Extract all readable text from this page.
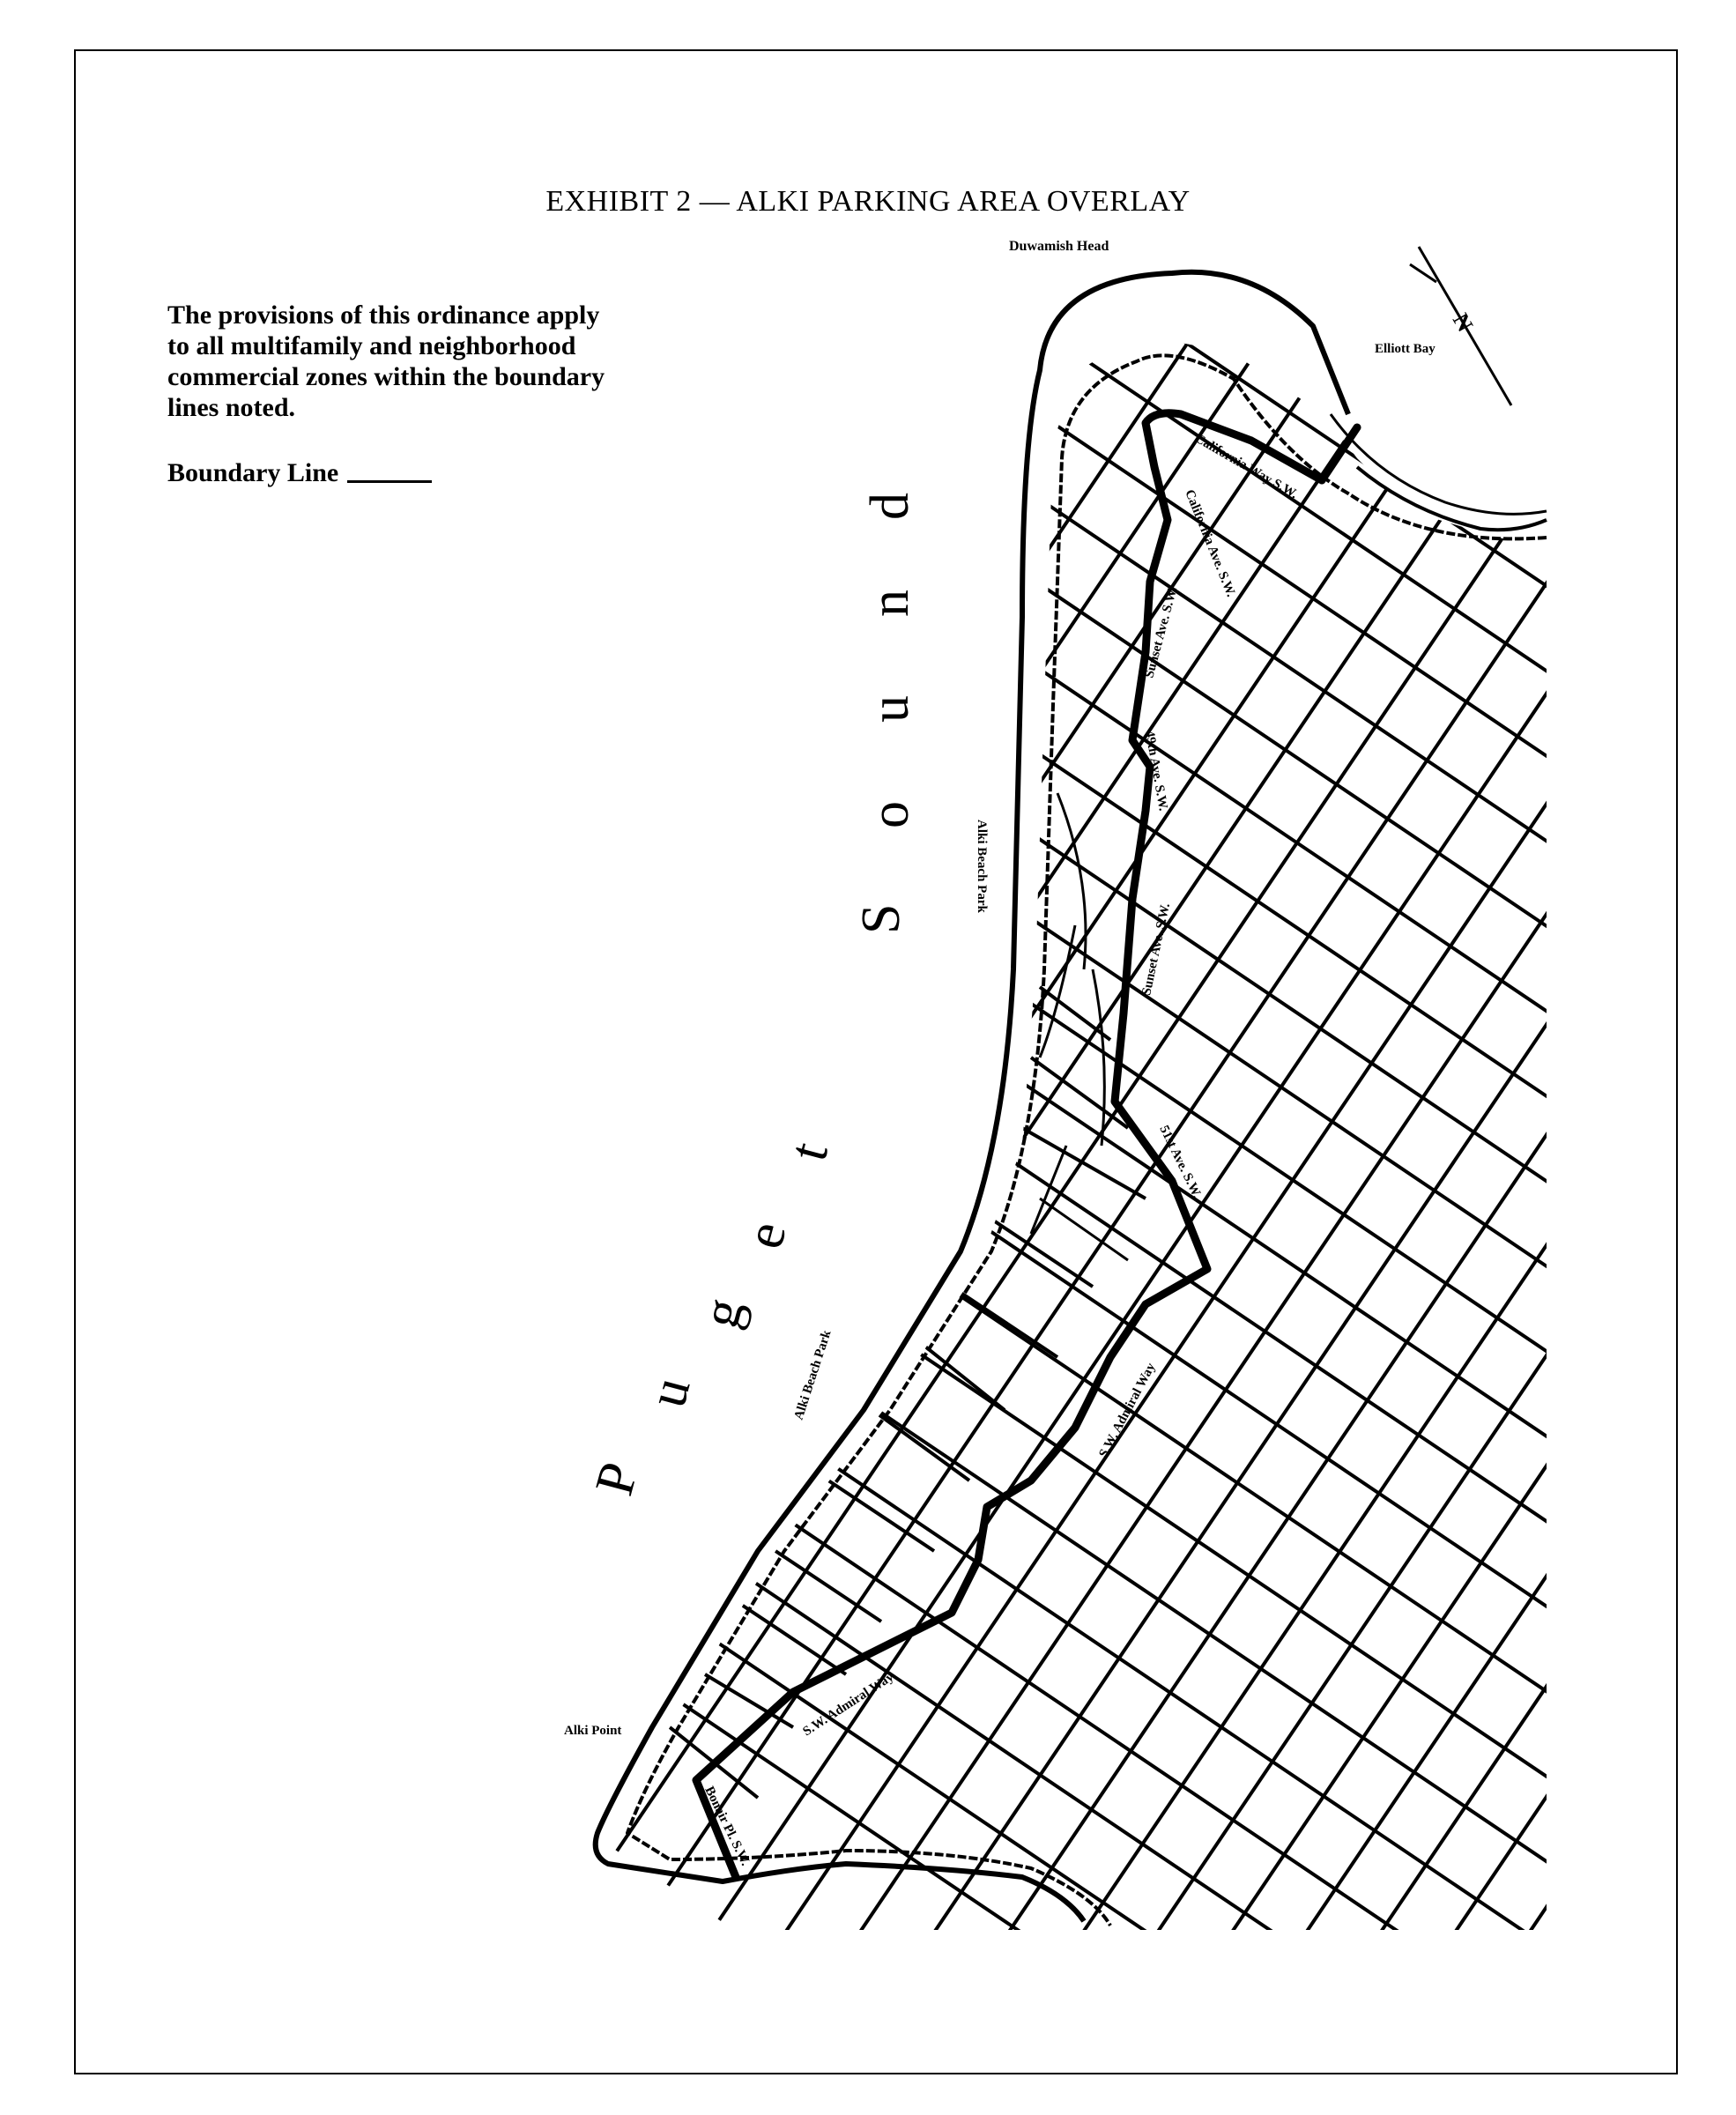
EXHIBIT 2 — ALKI PARKING AREA OVERLAY
The provisions of this ordinance apply to all multifamily and neighborhood commercial zones within the boundary lines noted.
Boundary Line
N
Duwamish Head
Elliott Bay
Alki Point
Alki Beach Park
Alki Beach Park
California Way S.W.
California Ave. S.W.
Sunset Ave. S.W.
49th Ave. S.W.
Sunset Ave. S.W.
51st Ave. S.W.
S.W. Admiral Way
S.W. Admiral Way
Bonair Pl. S.W.
P
u
g
e
t
S
o
u
n
d
